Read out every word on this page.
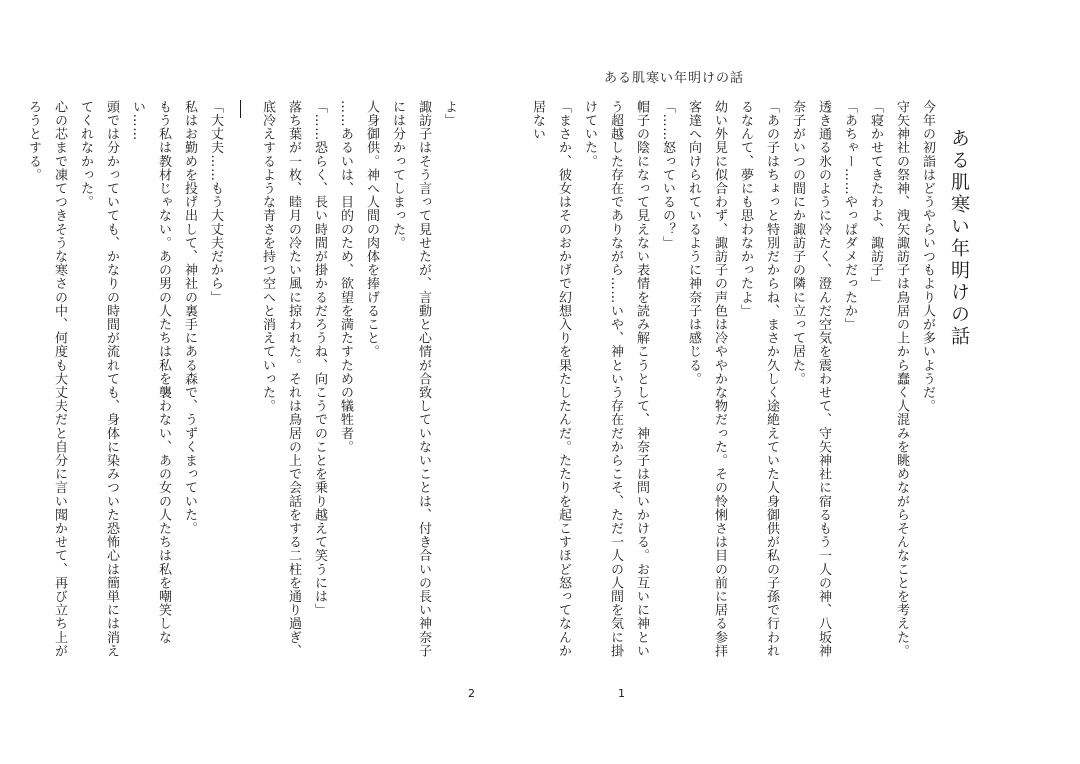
ある肌寒い年明けの話
ある肌寒い年明けの話

今年の初詣はどうやらいつもより人が多いようだ。

守矢神社の祭神、洩矢諏訪子は鳥居の上から蠢く人混みを眺めながらそんなことを考えた。

「寝かせてきたわよ、諏訪子」

「あちゃー……やっぱダメだったか」

透き通る氷のように冷たく、澄んだ空気を震わせて、守矢神社に宿るもう一人の神、八坂神奈子がいつの間にか諏訪子の隣に立って居た。

「あの子はちょっと特別だからね、まさか久しく途絶えていた人身御供が私の子孫で行われるなんて、夢にも思わなかったよ」

幼い外見に似合わず、諏訪子の声色は冷ややかな物だった。その怜悧さは目の前に居る参拝客達へ向けられているように神奈子は感じる。

「……怒っているの？」

帽子の陰になって見えない表情を読み解こうとして、神奈子は問いかける。お互いに神という超越した存在でありながら……いや、神という存在だからこそ、ただ一人の人間を気に掛けていた。

「まさか、彼女はそのおかげで幻想入りを果たしたんだ。たたりを起こすほど怒ってなんか居ない

1

よ」

諏訪子はそう言って見せたが、言動と心情が合致していないことは、付き合いの長い神奈子には分かってしまった。

人身御供。神へ人間の肉体を捧げること。

……あるいは、目的のため、欲望を満たすための犠牲者。

「……恐らく、長い時間が掛かるだろうね、向こうでのことを乗り越えて笑うには」

落ち葉が一枚、睦月の冷たい風に掠われた。それは鳥居の上で会話をする二柱を通り過ぎ、底冷えするような青さを持つ空へと消えていった。

「大丈夫……もう大丈夫だから」

私はお勤めを投げ出して、神社の裏手にある森で、うずくまっていた。

もう私は教材じゃない。あの男の人たちは私を襲わない、あの女の人たちは私を嘲笑しない……

頭では分かっていても、かなりの時間が流れても、身体に染みついた恐怖心は簡単には消えてくれなかった。

心の芯まで凍てつきそうな寒さの中、何度も大丈夫だと自分に言い聞かせて、再び立ち上がろうとする。

2
